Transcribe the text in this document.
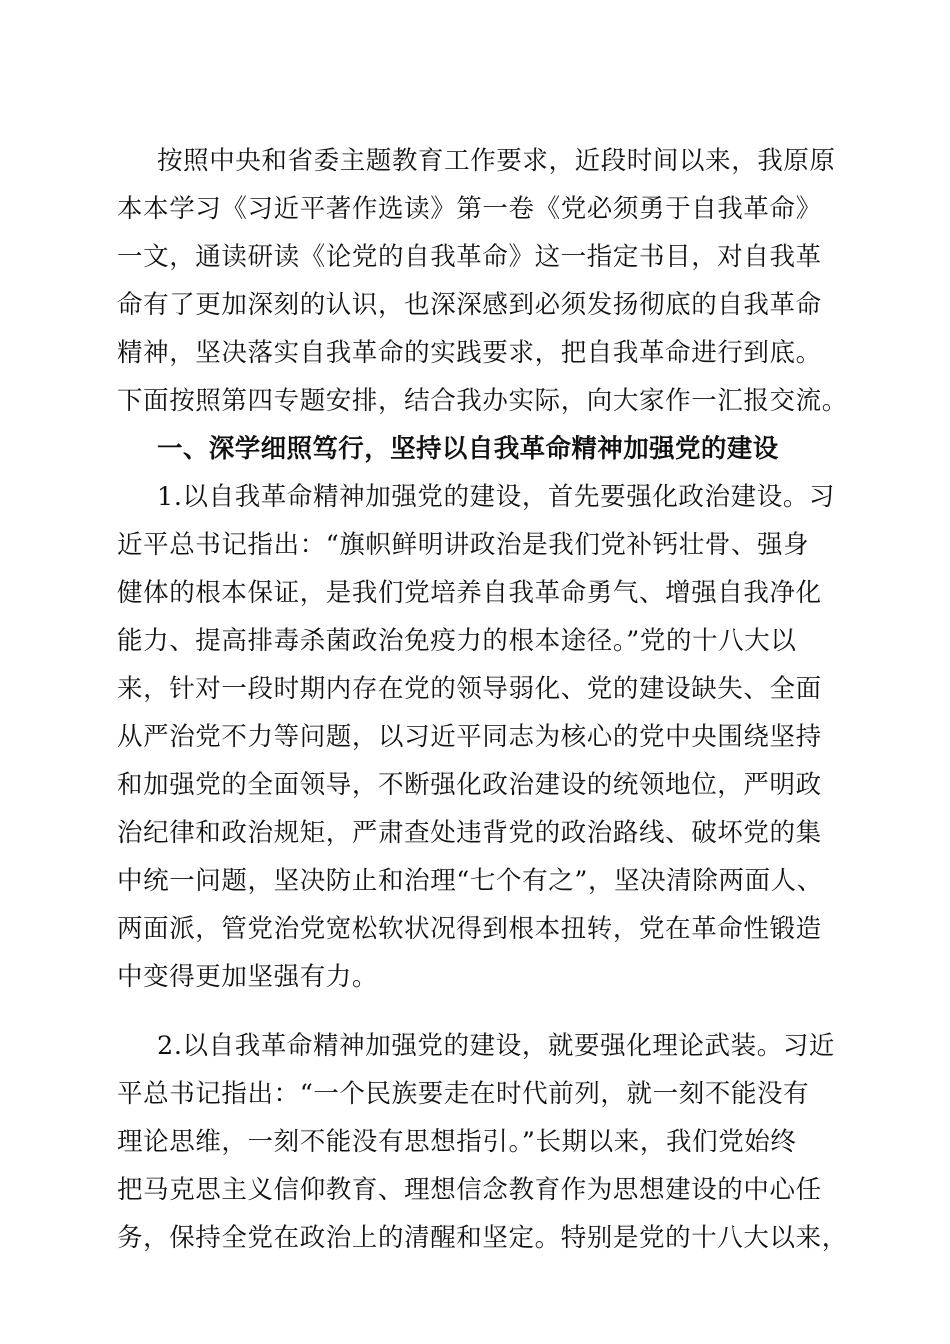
按照中央和省委主题教育工作要求，近段时间以来，我原原
本本学习《习近平著作选读》第一卷《党必须勇于自我革命》
一文，通读研读《论党的自我革命》这一指定书目，对自我革
命有了更加深刻的认识，也深深感到必须发扬彻底的自我革命
精神，坚决落实自我革命的实践要求，把自我革命进行到底。
下面按照第四专题安排，结合我办实际，向大家作一汇报交流。
一、深学细照笃行，坚持以自我革命精神加强党的建设
1.以自我革命精神加强党的建设，首先要强化政治建设。习
近平总书记指出：“旗帜鲜明讲政治是我们党补钙壮骨、强身
健体的根本保证，是我们党培养自我革命勇气、增强自我净化
能力、提高排毒杀菌政治免疫力的根本途径。”党的十八大以
来，针对一段时期内存在党的领导弱化、党的建设缺失、全面
从严治党不力等问题，以习近平同志为核心的党中央围绕坚持
和加强党的全面领导，不断强化政治建设的统领地位，严明政
治纪律和政治规矩，严肃查处违背党的政治路线、破坏党的集
中统一问题，坚决防止和治理“七个有之”，坚决清除两面人、
两面派，管党治党宽松软状况得到根本扭转，党在革命性锻造
中变得更加坚强有力。
2.以自我革命精神加强党的建设，就要强化理论武装。习近
平总书记指出：“一个民族要走在时代前列，就一刻不能没有
理论思维，一刻不能没有思想指引。”长期以来，我们党始终
把马克思主义信仰教育、理想信念教育作为思想建设的中心任
务，保持全党在政治上的清醒和坚定。特别是党的十八大以来，
